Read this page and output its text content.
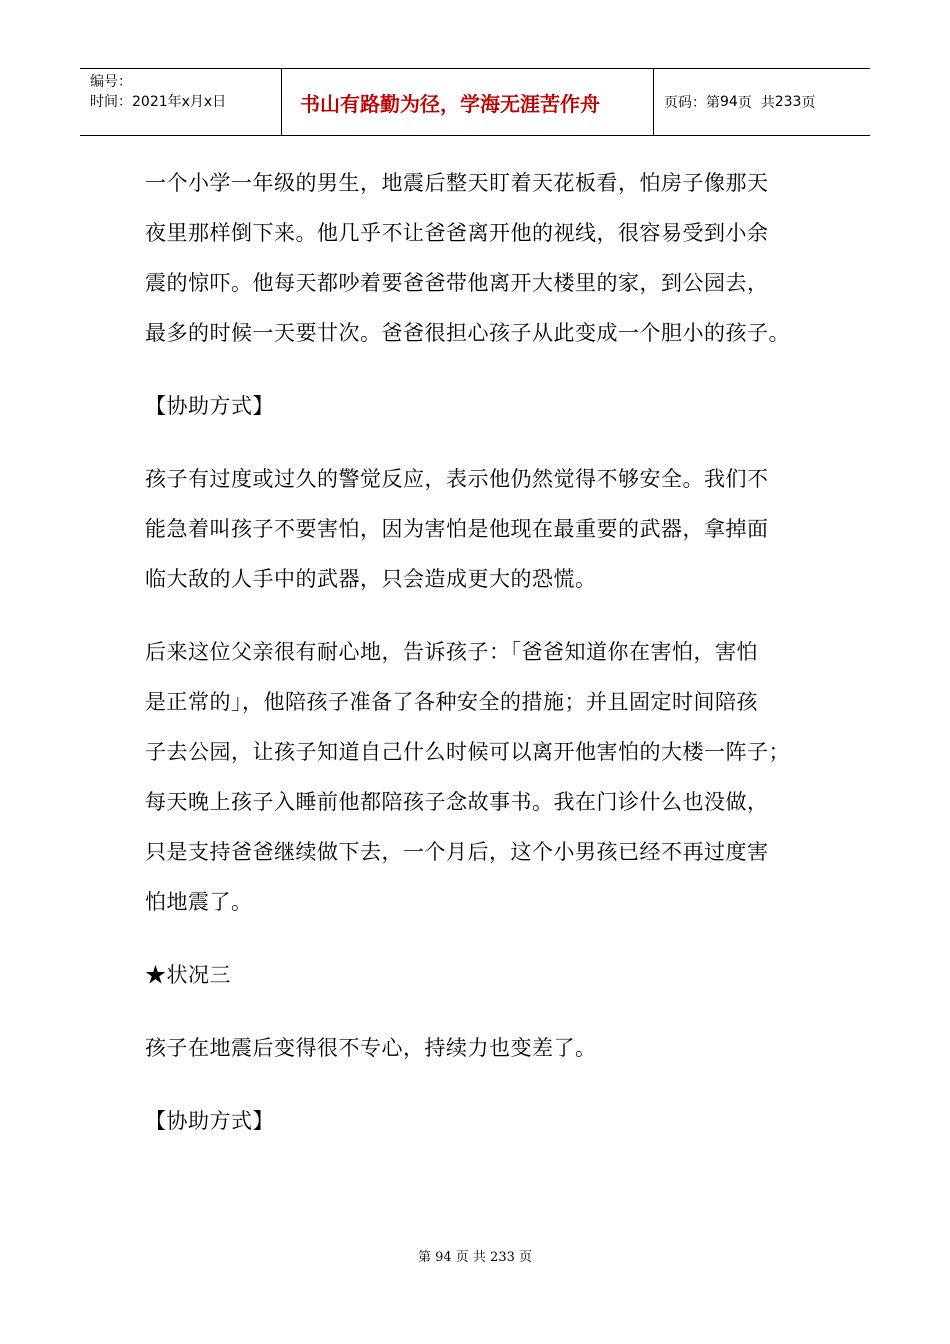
编号：
时间：2021年x月x日	书山有路勤为径，学海无涯苦作舟	页码：第 94 页  共 233 页
一个小学一年级的男生，地震后整天盯着天花板看，怕房子像那天
夜里那样倒下来。他几乎不让爸爸离开他的视线，很容易受到小余
震的惊吓。他每天都吵着要爸爸带他离开大楼里的家，到公园去，
最多的时候一天要廿次。爸爸很担心孩子从此变成一个胆小的孩子。
【协助方式】
孩子有过度或过久的警觉反应，表示他仍然觉得不够安全。我们不
能急着叫孩子不要害怕，因为害怕是他现在最重要的武器，拿掉面
临大敌的人手中的武器，只会造成更大的恐慌。
后来这位父亲很有耐心地，告诉孩子：「爸爸知道你在害怕，害怕
是正常的」，他陪孩子准备了各种安全的措施；并且固定时间陪孩
子去公园，让孩子知道自己什么时候可以离开他害怕的大楼一阵子；
每天晚上孩子入睡前他都陪孩子念故事书。我在门诊什么也没做，
只是支持爸爸继续做下去，一个月后，这个小男孩已经不再过度害
怕地震了。
★状况三
孩子在地震后变得很不专心，持续力也变差了。
【协助方式】
第 94 页 共 233 页
